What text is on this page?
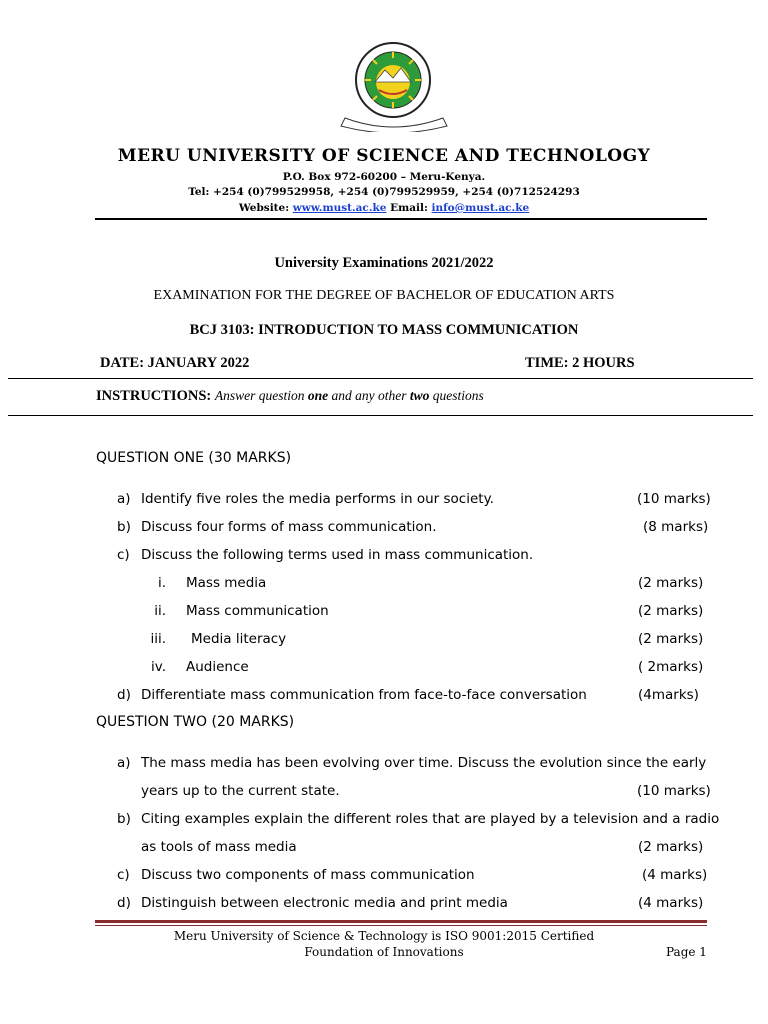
MERU UNIVERSITY OF SCIENCE AND TECHNOLOGY
P.O. Box 972-60200 – Meru-Kenya.
Tel: +254 (0)799529958, +254 (0)799529959, +254 (0)712524293
Website: www.must.ac.ke Email: info@must.ac.ke
University Examinations 2021/2022
EXAMINATION FOR THE DEGREE OF BACHELOR OF EDUCATION ARTS
BCJ 3103: INTRODUCTION TO MASS COMMUNICATION
DATE: JANUARY 2022	TIME: 2 HOURS
INSTRUCTIONS: Answer question one and any other two questions
QUESTION ONE (30 MARKS)
a) Identify five roles the media performs in our society.	(10 marks)
b) Discuss four forms of mass communication.	(8 marks)
c) Discuss the following terms used in mass communication.
i. Mass media	(2 marks)
ii. Mass communication	(2 marks)
iii. Media literacy	(2 marks)
iv. Audience	( 2marks)
d) Differentiate mass communication from face-to-face conversation	(4marks)
QUESTION TWO (20 MARKS)
a) The mass media has been evolving over time. Discuss the evolution since the early
years up to the current state.	(10 marks)
b) Citing examples explain the different roles that are played by a television and a radio
as tools of mass media	(2 marks)
c) Discuss two components of mass communication	(4 marks)
d) Distinguish between electronic media and print media	(4 marks)
Meru University of Science & Technology is ISO 9001:2015 Certified
Foundation of Innovations	Page 1
